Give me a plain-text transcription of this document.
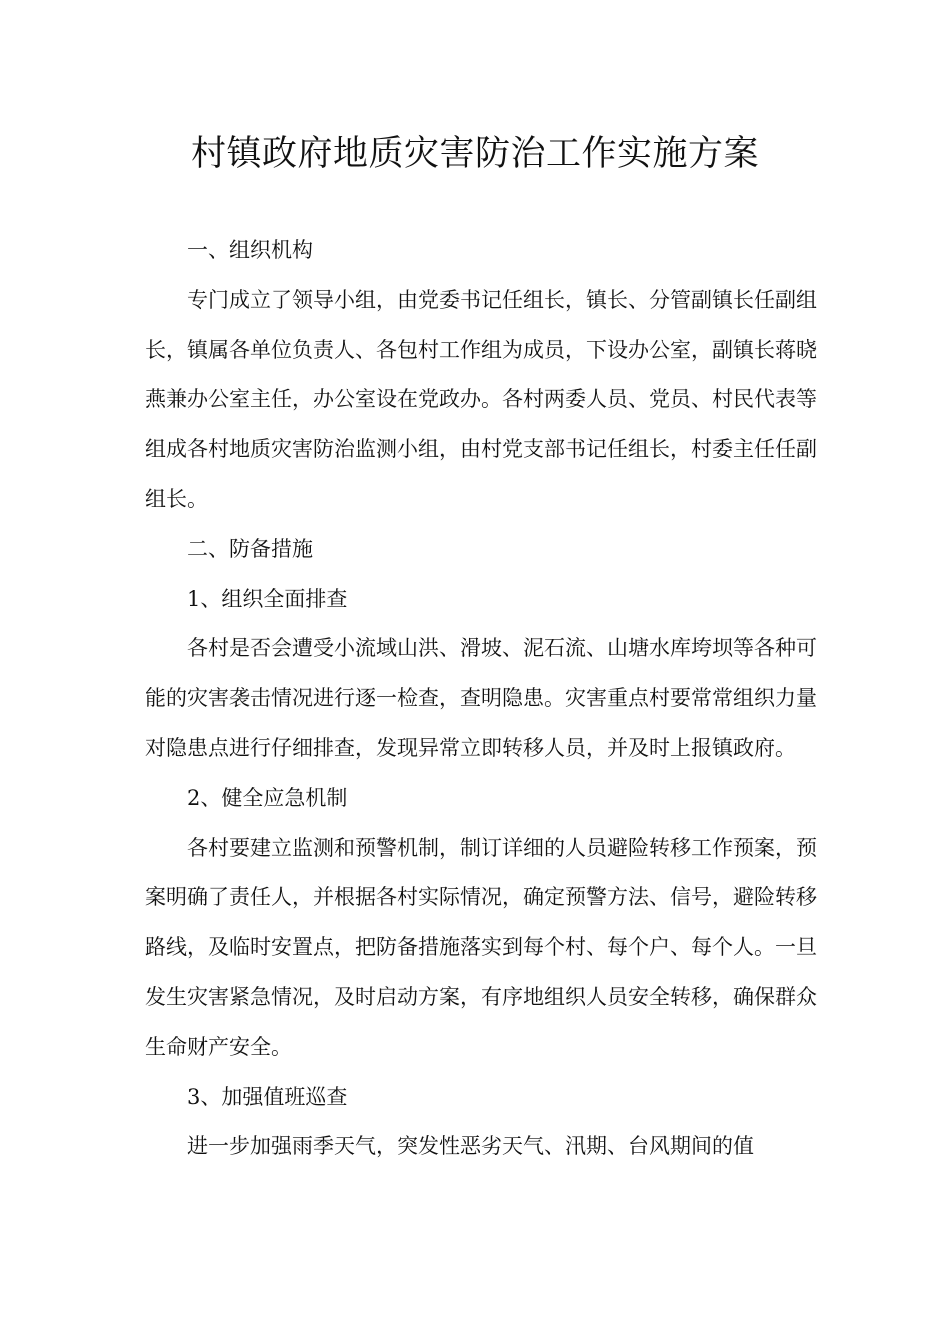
村镇政府地质灾害防治工作实施方案

一、组织机构

专门成立了领导小组，由党委书记任组长，镇长、分管副镇长任副组长，镇属各单位负责人、各包村工作组为成员，下设办公室，副镇长蒋晓燕兼办公室主任，办公室设在党政办。各村两委人员、党员、村民代表等组成各村地质灾害防治监测小组，由村党支部书记任组长，村委主任任副组长。

二、防备措施

1、组织全面排查

各村是否会遭受小流域山洪、滑坡、泥石流、山塘水库垮坝等各种可能的灾害袭击情况进行逐一检查，查明隐患。灾害重点村要常常组织力量对隐患点进行仔细排查，发现异常立即转移人员，并及时上报镇政府。

2、健全应急机制

各村要建立监测和预警机制，制订详细的人员避险转移工作预案，预案明确了责任人，并根据各村实际情况，确定预警方法、信号，避险转移路线，及临时安置点，把防备措施落实到每个村、每个户、每个人。一旦发生灾害紧急情况，及时启动方案，有序地组织人员安全转移，确保群众生命财产安全。

3、加强值班巡查

进一步加强雨季天气，突发性恶劣天气、汛期、台风期间的值
